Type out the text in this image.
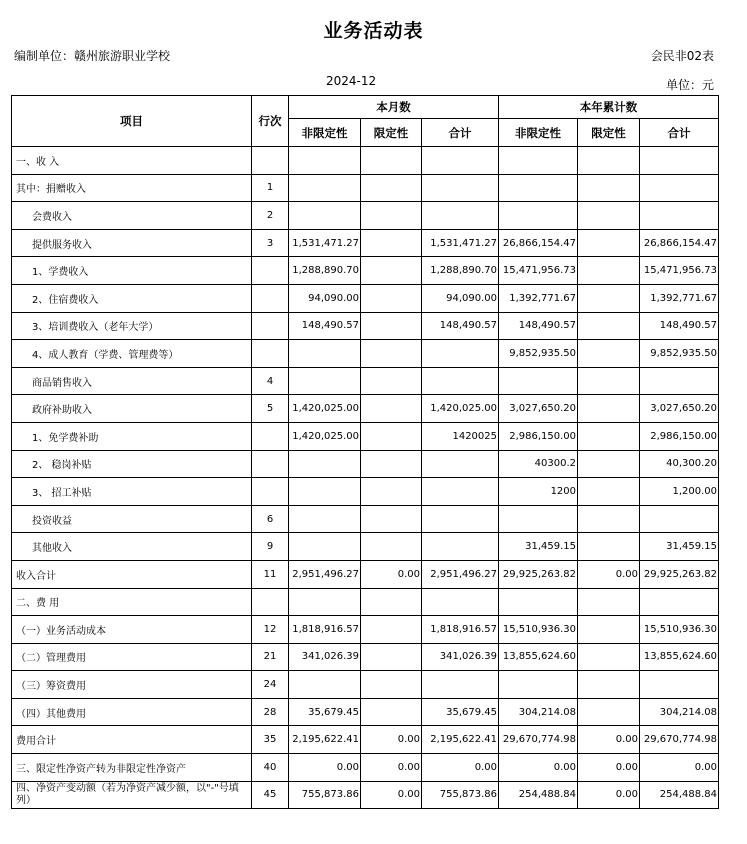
业务活动表
编制单位：赣州旅游职业学校	会民非02表
2024-12	单位：元
项目	行次	本月数			本年累计数		
		非限定性	限定性	合计	非限定性	限定性	合计
一、收 入							
其中：捐赠收入	1						
会费收入	2						
提供服务收入	3	1,531,471.27		1,531,471.27	26,866,154.47		26,866,154.47
1、学费收入		1,288,890.70		1,288,890.70	15,471,956.73		15,471,956.73
2、住宿费收入		94,090.00		94,090.00	1,392,771.67		1,392,771.67
3、培训费收入（老年大学）		148,490.57		148,490.57	148,490.57		148,490.57
4、成人教育（学费、管理费等）					9,852,935.50		9,852,935.50
商品销售收入	4						
政府补助收入	5	1,420,025.00		1,420,025.00	3,027,650.20		3,027,650.20
1、免学费补助		1,420,025.00		1420025	2,986,150.00		2,986,150.00
2、 稳岗补贴					40300.2		40,300.20
3、 招工补贴					1200		1,200.00
投资收益	6						
其他收入	9				31,459.15		31,459.15
收入合计	11	2,951,496.27	0.00	2,951,496.27	29,925,263.82	0.00	29,925,263.82
二、费 用							
（一）业务活动成本	12	1,818,916.57		1,818,916.57	15,510,936.30		15,510,936.30
（二）管理费用	21	341,026.39		341,026.39	13,855,624.60		13,855,624.60
（三）筹资费用	24						
（四）其他费用	28	35,679.45		35,679.45	304,214.08		304,214.08
费用合计	35	2,195,622.41	0.00	2,195,622.41	29,670,774.98	0.00	29,670,774.98
三、限定性净资产转为非限定性净资产	40	0.00	0.00	0.00	0.00	0.00	0.00
四、净资产变动额（若为净资产减少额，以"-"号填列）	45	755,873.86	0.00	755,873.86	254,488.84	0.00	254,488.84
